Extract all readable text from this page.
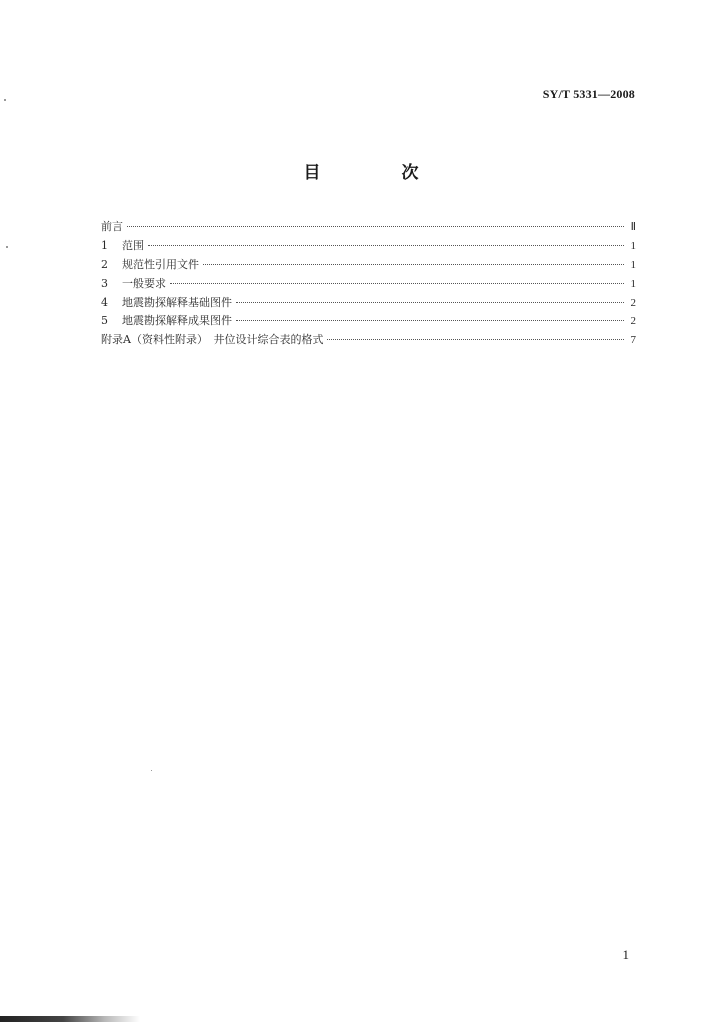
SY/T 5331—2008
目　次
前言	Ⅱ
1	范围	1
2	规范性引用文件	1
3	一般要求	1
4	地震勘探解释基础图件	2
5	地震勘探解释成果图件	2
附录A（资料性附录）　井位设计综合表的格式	7
1
